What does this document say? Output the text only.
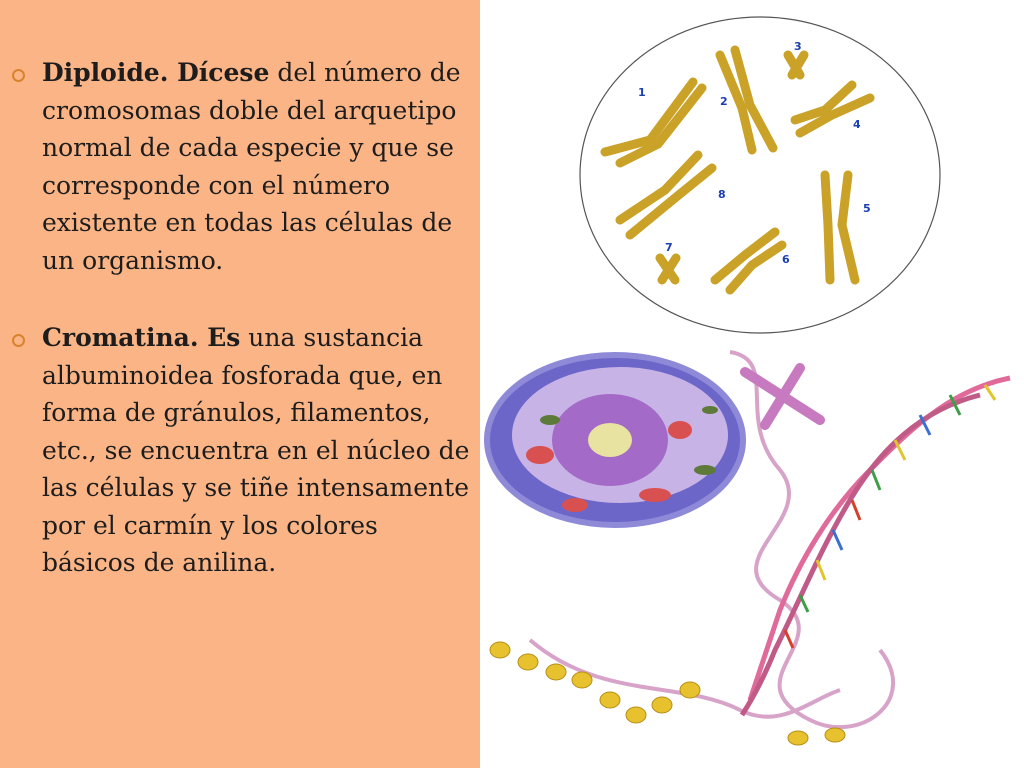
Diploide. Dícese del número de cromosomas doble del arquetipo normal de cada especie y que se corresponde con el número existente en todas las células de un organismo.

Cromatina. Es una sustancia albuminoidea fosforada que, en forma de gránulos, filamentos, etc., se encuentra en el núcleo de las células y se tiñe intensamente por el carmín y los colores básicos de anilina.

1
2
3
4
5
6
7
8
